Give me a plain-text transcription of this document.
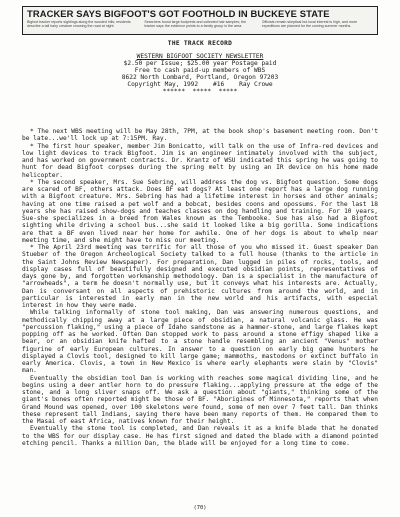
TRACKER SAYS BIGFOOT'S GOT FOOTHOLD IN BUCKEYE STATE
Bigfoot tracker reports sightings along the wooded hills; residents describe a tall hairy creature crossing the road at night.
Searchers found large footprints and collected hair samples; the tracker says the evidence points to a family group in the area.
Officials remain skeptical but local interest is high, and more expeditions are planned for the coming summer months.
THE TRACK RECORD
WESTERN BIGFOOT SOCIETY NEWSLETTER
$2.50 per Issue; $25.00 year Postage paid
Free to cash paid-up members of WBS
8622 North Lombard, Portland, Oregon 97203
Copyright May, 1992    #16    Ray Crowe
******  *****  *****

* The next WBS meeting will be May 28th, 7PM, at the book shop's basement meeting room. Don't be late...we'll lock up at 7:15PM. Ray.

* The first hour speaker, member Jim Bonicatto, will talk on the use of Infra-red devices and low light devices to track Bigfoot. Jim is an engineer intimately involved with the subject, and has worked on government contracts. Dr. Krantz of WSU indicated this spring he was going to hunt for dead Bigfoot corpses during the spring melt by using an IR device on his home made helicopter.

* The second speaker, Mrs. Sue Sebring, will address the dog vs. Bigfoot question. Some dogs are scared of BF, others attack. Does BF eat dogs? At least one report has a large dog running with a Bigfoot creature. Mrs. Sebring has had a lifetime interest in horses and other animals; having at one time raised a pet wolf and a bobcat, besides coons and opossums. For the last 18 years she has raised show-dogs and teaches classes on dog handling and training. For 10 years, Sue-she specializes in a breed from Wales known as the Tembooke. Sue has also had a Bigfoot sighting while driving a school bus...she said it looked like a big gorilla. Some indications are that a BF even lived near her home for awhile. One of her dogs is about to whelp near meeting time, and she might have to miss our meeting.

* The April 23rd meeting was terrific for all those of you who missed it. Guest speaker Dan Stueber of the Oregon Archeological Society talked to a full house (thanks to the article in the Saint Johns Review Newspaper). For preparation, Dan lugged in piles of rocks, tools, and display cases full of beautifully designed and executed obsidian points, representatives of days gone by, and forgotten workmanship methodology. Dan is a specialist in the manufacture of "arrowheads", a term he doesn't normally use, but it conveys what his interests are. Actually, Dan is conversant on all aspects of prehistoric cultures from around the world, and in particular is interested in early man in the new world and his artifacts, with especial interest in how they were made.

While talking informally of stone tool making, Dan was answering numerous questions, and methodically chipping away at a large piece of obsidian, a natural volcanic glass. He was "percussion flaking," using a piece of Idaho sandstone as a hammer-stone, and large flakes kept popping off as he worked. Often Dan stopped work to pass around a stone effigy shaped like a bear, or an obsidian knife hafted to a stone handle resembling an ancient "Venus" mother figurine of early European cultures. In answer to a question on early big game hunters he displayed a Clovis tool, designed to kill large game; mammoths, mastodons or extinct buffalo in early America. Clovis, a town in New Mexico is where early elephants were slain by "Clovis" man.

Eventually the obsidian tool Dan is working with reaches some magical dividing line, and he begins using a deer antler horn to do pressure flaking...applying pressure at the edge of the stone, and a long sliver snaps off. We ask a question about "giants," thinking some of the giant's bones often reported might be those of BF. "Aborigines of Minnesota," reports that when Grand Mound was opened, over 100 skeletons were found, some of men over 7 feet tall. Dan thinks these represent tall Indians, saying there have been many reports of them. He compared them to the Masai of east Africa, natives known for their height.

Eventually the stone tool is completed, and Dan reveals it as a knife blade that he donated to the WBS for our display case. He has first signed and dated the blade with a diamond pointed etching pencil. Thanks a million Dan, the blade will be enjoyed for a long time to come.

(70)
